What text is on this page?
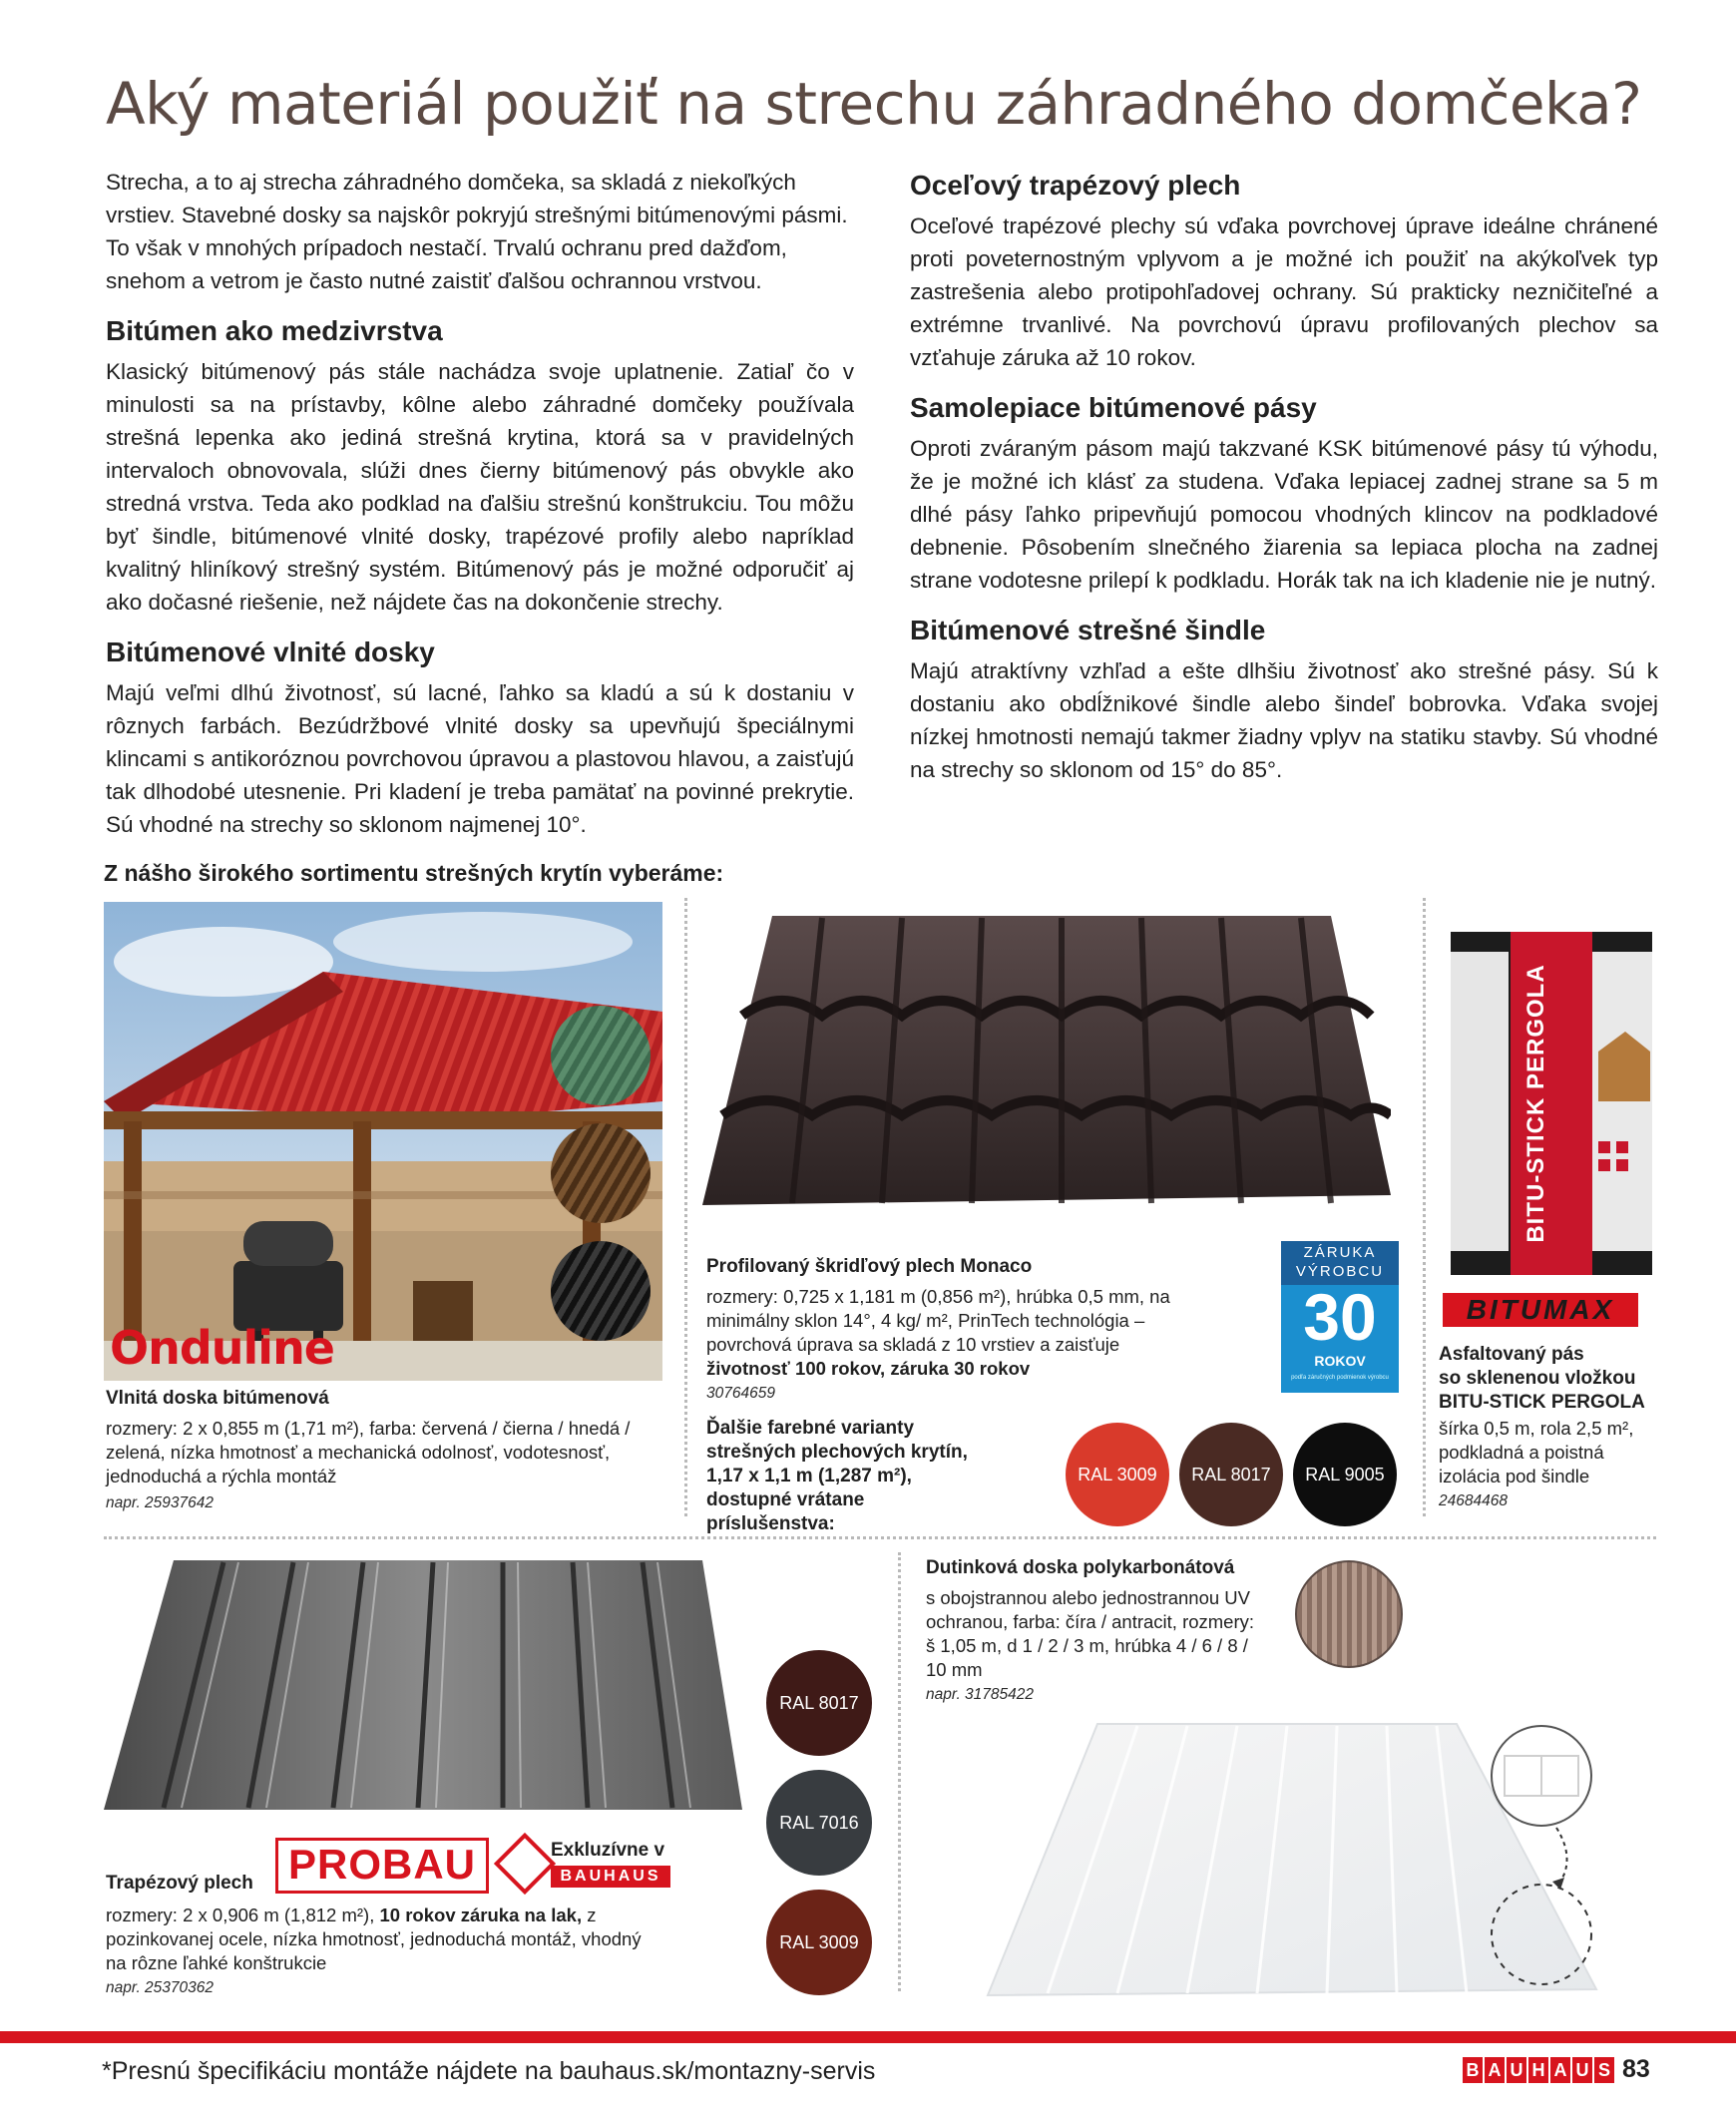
Aký materiál použiť na strechu záhradného domčeka?

Strecha, a to aj strecha záhradného domčeka, sa skladá z niekoľkých vrstiev. Stavebné dosky sa najskôr pokryjú strešnými bitúmenovými pásmi. To však v mnohých prípadoch nestačí. Trvalú ochranu pred dažďom, snehom a vetrom je často nutné zaistiť ďalšou ochrannou vrstvou.

Bitúmen ako medzivrstva

Klasický bitúmenový pás stále nachádza svoje uplatnenie. Zatiaľ čo v minulosti sa na prístavby, kôlne alebo záhradné domčeky používala strešná lepenka ako jediná strešná krytina, ktorá sa v pravidelných intervaloch obnovovala, slúži dnes čierny bitúmenový pás obvykle ako stredná vrstva. Teda ako podklad na ďalšiu strešnú konštrukciu. Tou môžu byť šindle, bitúmenové vlnité dosky, trapézové profily alebo napríklad kvalitný hliníkový strešný systém. Bitúmenový pás je možné odporučiť aj ako dočasné riešenie, než nájdete čas na dokončenie strechy.

Bitúmenové vlnité dosky

Majú veľmi dlhú životnosť, sú lacné, ľahko sa kladú a sú k dostaniu v rôznych farbách. Bezúdržbové vlnité dosky sa upevňujú špeciálnymi klincami s antikoróznou povrchovou úpravou a plastovou hlavou, a zaisťujú tak dlhodobé utesnenie. Pri kladení je treba pamätať na povinné prekrytie. Sú vhodné na strechy so sklonom najmenej 10°.

Oceľový trapézový plech

Oceľové trapézové plechy sú vďaka povrchovej úprave ideálne chránené proti poveternostným vplyvom a je možné ich použiť na akýkoľvek typ zastrešenia alebo protipohľadovej ochrany. Sú prakticky nezničiteľné a extrémne trvanlivé. Na povrchovú úpravu profilovaných plechov sa vzťahuje záruka až 10 rokov.

Samolepiace bitúmenové pásy

Oproti zváraným pásom majú takzvané KSK bitúmenové pásy tú výhodu, že je možné ich klásť za studena. Vďaka lepiacej zadnej strane sa 5 m dlhé pásy ľahko pripevňujú pomocou vhodných klincov na podkladové debnenie. Pôsobením slnečného žiarenia sa lepiaca plocha na zadnej strane vodotesne prilepí k podkladu. Horák tak na ich kladenie nie je nutný.

Bitúmenové strešné šindle

Majú atraktívny vzhľad a ešte dlhšiu životnosť ako strešné pásy. Sú k dostaniu ako obdĺžnikové šindle alebo šindeľ bobrovka. Vďaka svojej nízkej hmotnosti nemajú takmer žiadny vplyv na statiku stavby. Sú vhodné na strechy so sklonom od 15° do 85°.

Z nášho širokého sortimentu strešných krytín vyberáme:
Onduline
Vlnitá doska bitúmenová
rozmery: 2 x 0,855 m (1,71 m²), farba: červená / čierna / hnedá / zelená, nízka hmotnosť a mechanická odolnosť, vodotesnosť, jednoduchá a rýchla montáž
napr. 25937642
ZÁRUKA VÝROBCU
30
ROKOV
podľa záručných podmienok výrobcu
Profilovaný škridľový plech Monaco
rozmery: 0,725 x 1,181 m (0,856 m²), hrúbka 0,5 mm, na minimálny sklon 14°, 4 kg/ m², PrinTech technológia – povrchová úprava sa skladá z 10 vrstiev a zaisťuje životnosť 100 rokov, záruka 30 rokov
30764659
Ďalšie farebné varianty strešných plechových krytín, 1,17 x 1,1 m (1,287 m²), dostupné vrátane príslušenstva:
RAL 3009	RAL 8017	RAL 9005
BITU-STICK PERGOLA
BITUMAX
Asfaltovaný pás
so sklenenou vložkou
BITU-STICK PERGOLA
šírka 0,5 m, rola 2,5 m², podkladná a poistná izolácia pod šindle
24684468
RAL 8017
RAL 7016
RAL 3009
PROBAU	Exkluzívne v
BAUHAUS
Trapézový plech
rozmery: 2 x 0,906 m (1,812 m²), 10 rokov záruka na lak, z pozinkovanej ocele, nízka hmotnosť, jednoduchá montáž, vhodný na rôzne ľahké konštrukcie
napr. 25370362
Dutinková doska polykarbonátová
s obojstrannou alebo jednostrannou UV ochranou, farba: číra / antracit, rozmery: š 1,05 m, d 1 / 2 / 3 m, hrúbka 4 / 6 / 8 / 10 mm
napr. 31785422
*Presnú špecifikáciu montáže nájdete na bauhaus.sk/montazny-servis	B A U H A U S 83
